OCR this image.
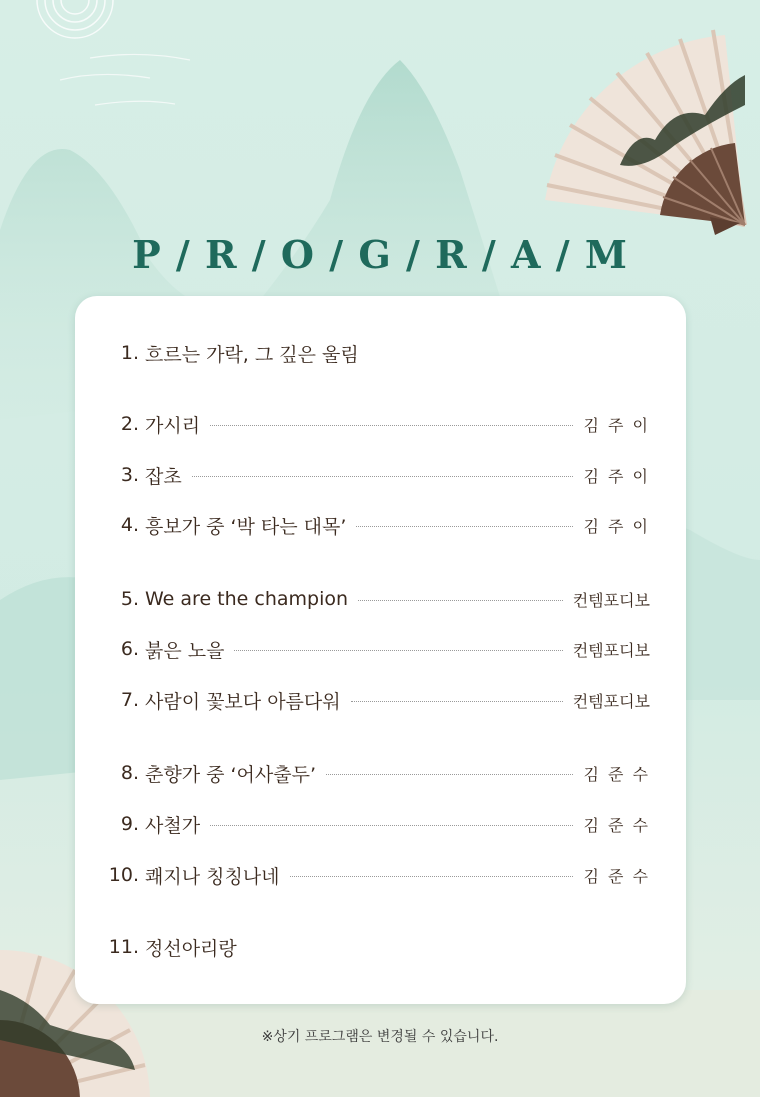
P / R / O / G / R / A / M
1. 흐르는 가락, 그 깊은 울림
2. 가시리	김 주 이
3. 잡초	김 주 이
4. 흥보가 중 ‘박 타는 대목’	김 주 이
5. We are the champion	컨템포디보
6. 붉은 노을	컨템포디보
7. 사람이 꽃보다 아름다워	컨템포디보
8. 춘향가 중 ‘어사출두’	김 준 수
9. 사철가	김 준 수
10. 쾌지나 칭칭나네	김 준 수
11. 정선아리랑
※상기 프로그램은 변경될 수 있습니다.
